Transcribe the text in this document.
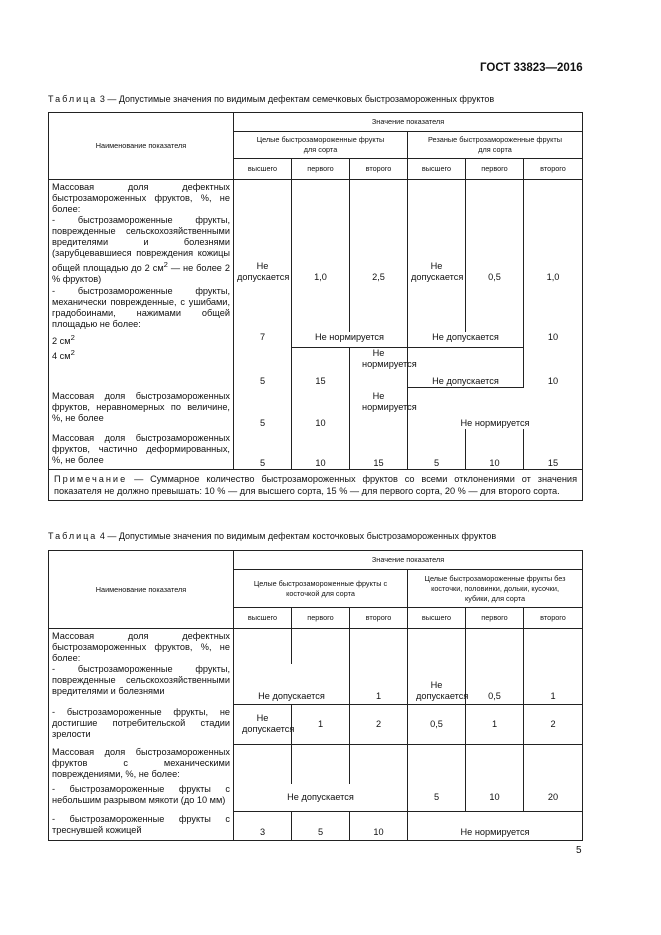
ГОСТ 33823—2016
Таблица 3 — Допустимые значения по видимым дефектам семечковых быстрозамороженных фруктов
Наименование показателя	Значение показателя					
	Целые быстрозамороженные фрукты для сорта			Резаные быстрозамороженные фрукты для сорта		
	высшего	первого	второго	высшего	первого	второго
Массовая доля дефектных быстрозамороженных фруктов, %, не более:						
- быстрозамороженные фрукты, поврежденные сельскохозяйственными вредителями и болезнями (зарубцевавшиеся повреждения кожицы общей площадью до 2 $см^2$ — не более 2 % фруктов)	Не допускается	1,0	2,5	Не допускается	0,5	1,0
- быстрозамороженные фрукты, механически поврежденные, с ушибами, градобоинами, нажимами общей площадью не более:						
2 $см^2$	7	Не нормируется		Не допускается		10
4 $см^2$	5	15	Не нормируется	Не допускается		10
Массовая доля быстрозамороженных фруктов, неравномерных по величине, %, не более	5	10	Не нормируется	Не нормируется		
Массовая доля быстрозамороженных фруктов, частично деформированных, %, не более	5	10	15	5	10	15
Примечание — Суммарное количество быстрозамороженных фруктов со всеми отклонениями от значения показателя не должно превышать: 10 % — для высшего сорта, 15 % — для первого сорта, 20 % — для второго сорта.						
Таблица 4 — Допустимые значения по видимым дефектам косточковых быстрозамороженных фруктов
Наименование показателя	Значение показателя					
	Целые быстрозамороженные фрукты с косточкой для сорта			Целые быстрозамороженные фрукты без косточки, половинки, дольки, кусочки, кубики, для сорта		
	высшего	первого	второго	высшего	первого	второго
Массовая доля дефектных быстрозамороженных фруктов, %, не более:						
- быстрозамороженные фрукты, поврежденные сельскохозяйственными вредителями и болезнями	Не допускается		1	Не допускается	0,5	1
- быстрозамороженные фрукты, не достигшие потребительской стадии зрелости	Не допускается	1	2	0,5	1	2
Массовая доля быстрозамороженных фруктов с механическими повреждениями, %, не более:						
- быстрозамороженные фрукты с небольшим разрывом мякоти (до 10 мм)	Не допускается			5	10	20
- быстрозамороженные фрукты с треснувшей кожицей	3	5	10	Не нормируется		
5
